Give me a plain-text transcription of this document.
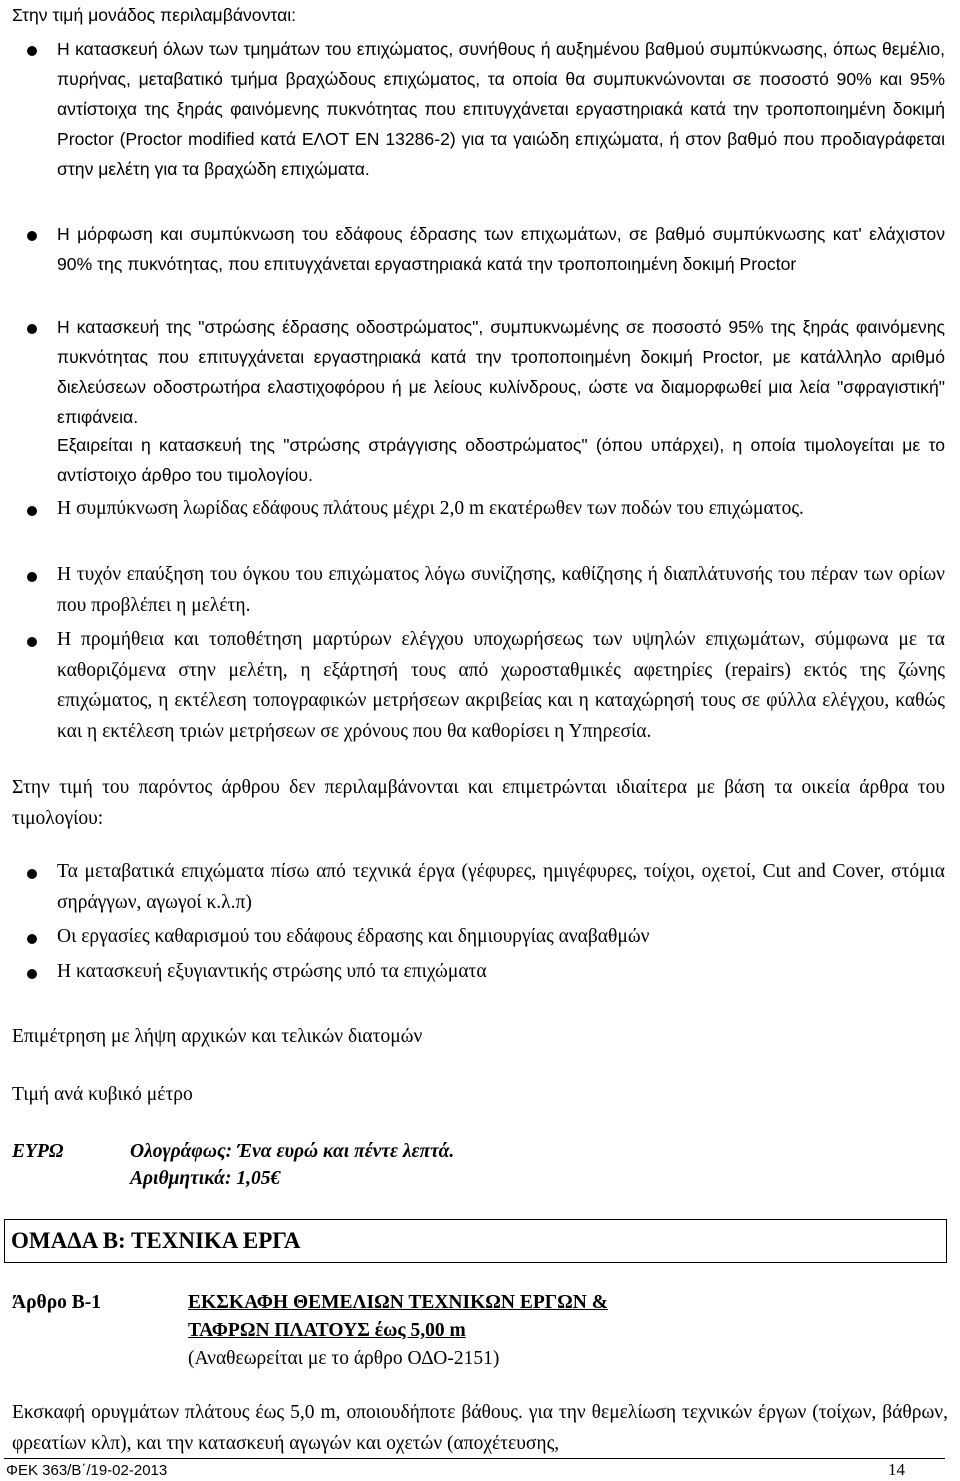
Στην τιμή μονάδος περιλαμβάνονται:
Η κατασκευή όλων των τμημάτων του επιχώματος, συνήθους ή αυξημένου βαθμού συμπύκνωσης, όπως θεμέλιο, πυρήνας, μεταβατικό τμήμα βραχώδους επιχώματος, τα οποία θα συμπυκνώνονται σε ποσοστό 90% και 95% αντίστοιχα της ξηράς φαινόμενης πυκνότητας που επιτυγχάνεται εργαστηριακά κατά την τροποποιημένη δοκιμή Proctor (Proctor modified κατά ΕΛΟΤ ΕΝ 13286-2) για τα γαιώδη επιχώματα, ή στον βαθμό που προδιαγράφεται στην μελέτη για τα βραχώδη επιχώματα.
Η μόρφωση και συμπύκνωση του εδάφους έδρασης των επιχωμάτων, σε βαθμό συμπύκνωσης κατ' ελάχιστον 90% της πυκνότητας, που επιτυγχάνεται εργαστηριακά κατά την τροποποιημένη δοκιμή Proctor
Η κατασκευή της "στρώσης έδρασης οδοστρώματος", συμπυκνωμένης σε ποσοστό 95% της ξηράς φαινόμενης πυκνότητας που επιτυγχάνεται εργαστηριακά κατά την τροποποιημένη δοκιμή Proctor, με κατάλληλο αριθμό διελεύσεων οδοστρωτήρα ελαστιχοφόρου ή με λείους κυλίνδρους, ώστε να διαμορφωθεί μια λεία "σφραγιστική" επιφάνεια.
Εξαιρείται η κατασκευή της "στρώσης στράγγισης οδοστρώματος" (όπου υπάρχει), η οποία τιμολογείται με το αντίστοιχο άρθρο του τιμολογίου.
Η συμπύκνωση λωρίδας εδάφους πλάτους μέχρι 2,0 m εκατέρωθεν των ποδών του επιχώματος.
Η τυχόν επαύξηση του όγκου του επιχώματος λόγω συνίζησης, καθίζησης ή διαπλάτυνσής του πέραν των ορίων που προβλέπει η μελέτη.
Η προμήθεια και τοποθέτηση μαρτύρων ελέγχου υποχωρήσεως των υψηλών επιχωμάτων, σύμφωνα με τα καθοριζόμενα στην μελέτη, η εξάρτησή τους από χωροσταθμικές αφετηρίες (repairs) εκτός της ζώνης επιχώματος, η εκτέλεση τοπογραφικών μετρήσεων ακριβείας και η καταχώρησή τους σε φύλλα ελέγχου, καθώς και η εκτέλεση τριών μετρήσεων σε χρόνους που θα καθορίσει η Υπηρεσία.
Στην τιμή του παρόντος άρθρου δεν περιλαμβάνονται και επιμετρώνται ιδιαίτερα με βάση τα οικεία άρθρα του τιμολογίου:
Τα μεταβατικά επιχώματα πίσω από τεχνικά έργα (γέφυρες, ημιγέφυρες, τοίχοι, οχετοί, Cut and Cover, στόμια σηράγγων, αγωγοί κ.λ.π)
Οι εργασίες καθαρισμού του εδάφους έδρασης και δημιουργίας αναβαθμών
Η κατασκευή εξυγιαντικής στρώσης υπό τα επιχώματα
Επιμέτρηση με λήψη αρχικών και τελικών διατομών
Τιμή ανά κυβικό μέτρο
ΕΥΡΩ	Ολογράφως: Ένα ευρώ και πέντε λεπτά.
Αριθμητικά: 1,05€
ΟΜΑΔΑ Β: ΤΕΧΝΙΚΑ ΕΡΓΑ
Άρθρο Β-1	ΕΚΣΚΑΦΗ ΘΕΜΕΛΙΩΝ ΤΕΧΝΙΚΩΝ ΕΡΓΩΝ &
ΤΑΦΡΩΝ ΠΛΑΤΟΥΣ έως 5,00 m
(Αναθεωρείται με το άρθρο ΟΔΟ-2151)
Εκσκαφή ορυγμάτων πλάτους έως 5,0 m, οποιουδήποτε βάθους. για την θεμελίωση τεχνικών έργων (τοίχων, βάθρων, φρεατίων κλπ), και την κατασκευή αγωγών και οχετών (αποχέτευσης,
ΦΕΚ 363/Β΄/19-02-2013	14
